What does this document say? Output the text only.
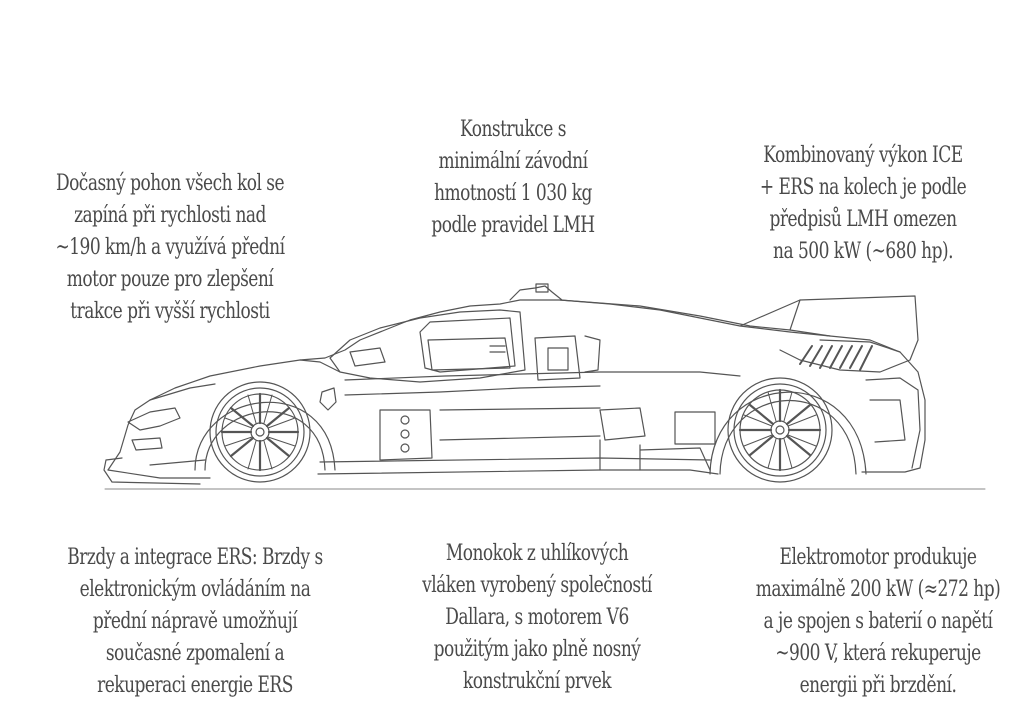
Dočasný pohon všech kol se
zapíná při rychlosti nad
~190 km/h a využívá přední
motor pouze pro zlepšení
trakce při vyšší rychlosti
Konstrukce s
minimální závodní
hmotností 1 030 kg
podle pravidel LMH
Kombinovaný výkon ICE
+ ERS na kolech je podle
předpisů LMH omezen
na 500 kW (~680 hp).
Brzdy a integrace ERS: Brzdy s
elektronickým ovládáním na
přední nápravě umožňují
současné zpomalení a
rekuperaci energie ERS
Monokok z uhlíkových
vláken vyrobený společností
Dallara, s motorem V6
použitým jako plně nosný
konstrukční prvek
Elektromotor produkuje
maximálně 200 kW (≈272 hp)
a je spojen s baterií o napětí
~900 V, která rekuperuje
energii při brzdění.
